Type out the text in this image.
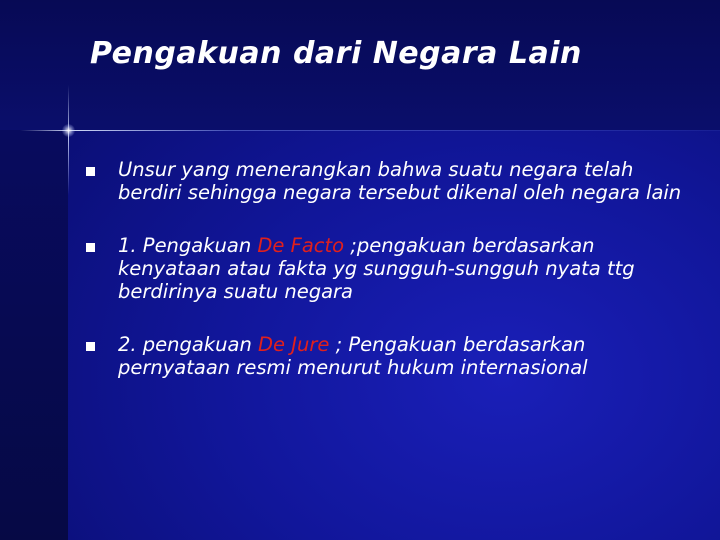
Pengakuan dari Negara Lain
Unsur yang menerangkan bahwa suatu negara telah berdiri sehingga negara tersebut dikenal oleh negara lain
1. Pengakuan De Facto ;pengakuan berdasarkan kenyataan atau fakta yg sungguh-sungguh nyata ttg berdirinya suatu negara
2. pengakuan De Jure ; Pengakuan berdasarkan pernyataan resmi menurut hukum internasional
